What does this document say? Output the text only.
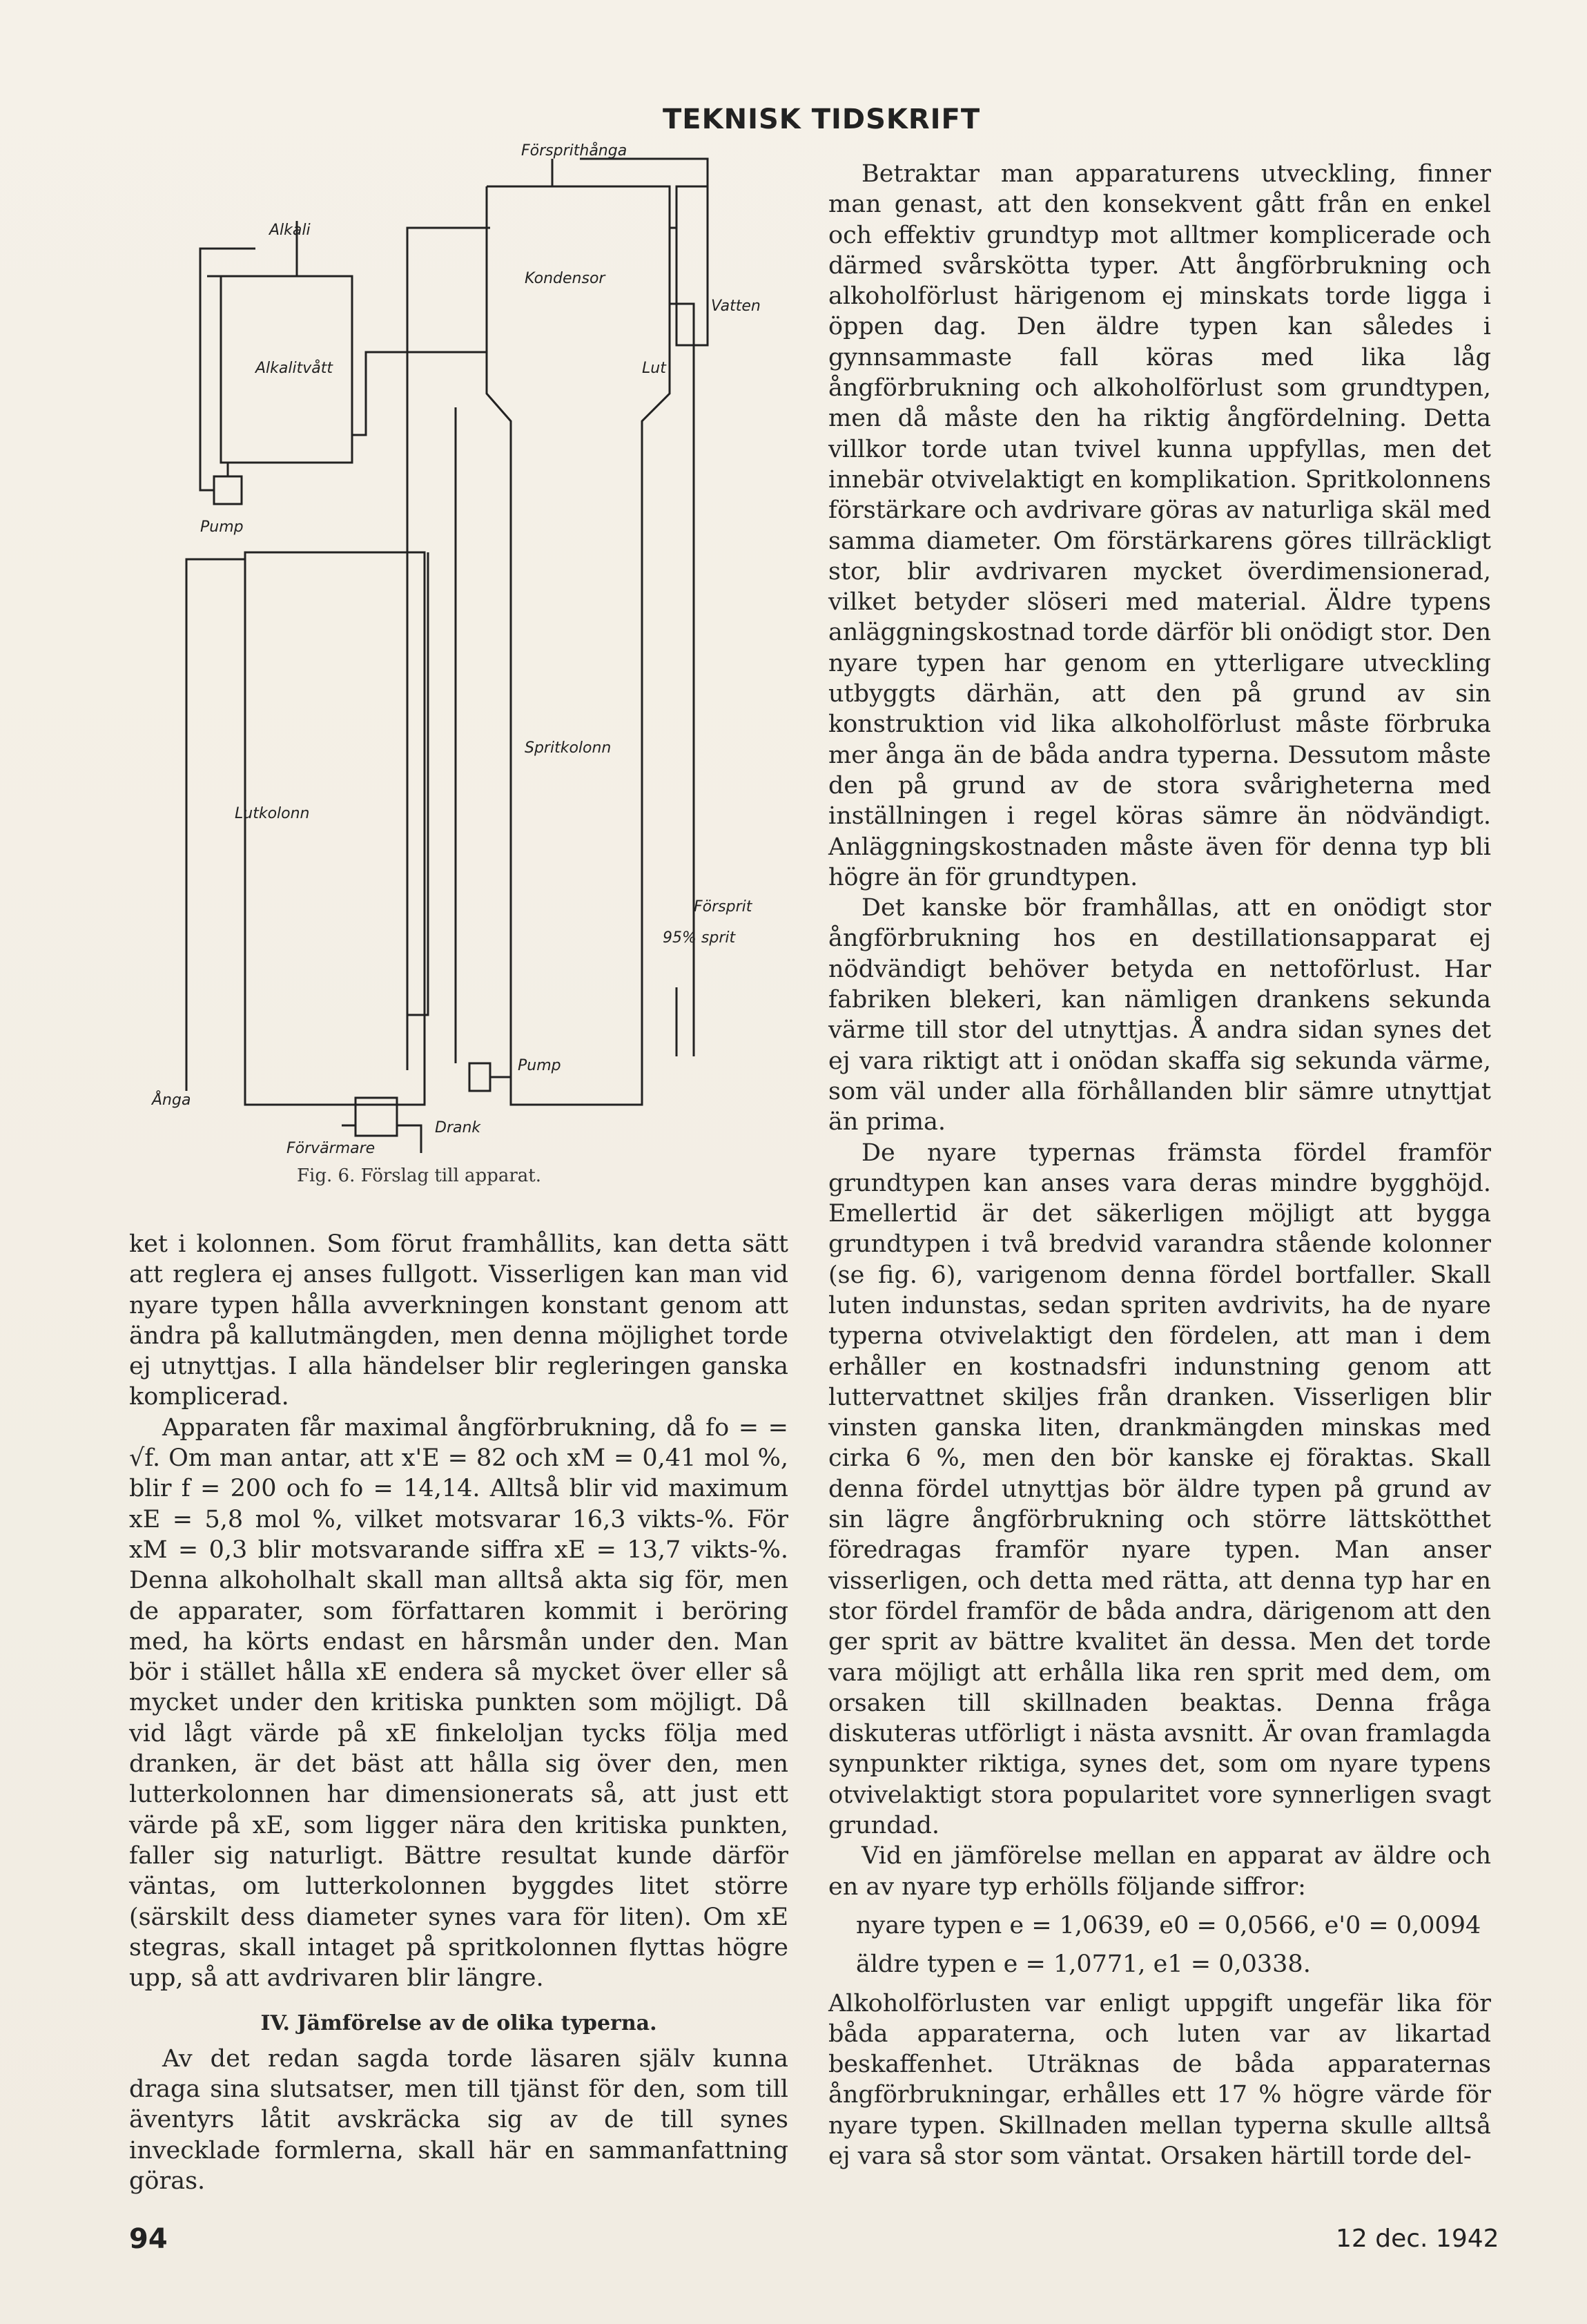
TEKNISK TIDSKRIFT
Försprithånga
Alkali
Kondensor
Vatten
Alkalitvått	Lut
Pump
Spritkolonn
Lutkolonn
Försprit
95% sprit
Pump
Ånga
Drank
Förvärmare
Fig. 6. Förslag till apparat.

ket i kolonnen. Som förut framhållits, kan detta sätt att reglera ej anses fullgott. Visserligen kan man vid nyare typen hålla avverkningen konstant genom att ändra på kallutmängden, men denna möjlighet torde ej utnyttjas. I alla händelser blir regleringen ganska komplicerad.

Apparaten får maximal ångförbrukning, då fo = = √f. Om man antar, att x'E = 82 och xM = 0,41 mol %, blir f = 200 och fo = 14,14. Alltså blir vid maximum xE = 5,8 mol %, vilket motsvarar 16,3 vikts-%. För xM = 0,3 blir motsvarande siffra xE = 13,7 vikts-%. Denna alkoholhalt skall man alltså akta sig för, men de apparater, som författaren kommit i beröring med, ha körts endast en hårsmån under den. Man bör i stället hålla xE endera så mycket över eller så mycket under den kritiska punkten som möjligt. Då vid lågt värde på xE finkeloljan tycks följa med dranken, är det bäst att hålla sig över den, men lutterkolonnen har dimensionerats så, att just ett värde på xE, som ligger nära den kritiska punkten, faller sig naturligt. Bättre resultat kunde därför väntas, om lutterkolonnen byggdes litet större (särskilt dess diameter synes vara för liten). Om xE stegras, skall intaget på spritkolonnen flyttas högre upp, så att avdrivaren blir längre.

IV. Jämförelse av de olika typerna.

Av det redan sagda torde läsaren själv kunna draga sina slutsatser, men till tjänst för den, som till äventyrs låtit avskräcka sig av de till synes invecklade formlerna, skall här en sammanfattning göras.

Betraktar man apparaturens utveckling, finner man genast, att den konsekvent gått från en enkel och effektiv grundtyp mot alltmer komplicerade och därmed svårskötta typer. Att ångförbrukning och alkoholförlust härigenom ej minskats torde ligga i öppen dag. Den äldre typen kan således i gynnsammaste fall köras med lika låg ångförbrukning och alkoholförlust som grundtypen, men då måste den ha riktig ångfördelning. Detta villkor torde utan tvivel kunna uppfyllas, men det innebär otvivelaktigt en komplikation. Spritkolonnens förstärkare och avdrivare göras av naturliga skäl med samma diameter. Om förstärkarens göres tillräckligt stor, blir avdrivaren mycket överdimensionerad, vilket betyder slöseri med material. Äldre typens anläggningskostnad torde därför bli onödigt stor. Den nyare typen har genom en ytterligare utveckling utbyggts därhän, att den på grund av sin konstruktion vid lika alkoholförlust måste förbruka mer ånga än de båda andra typerna. Dessutom måste den på grund av de stora svårigheterna med inställningen i regel köras sämre än nödvändigt. Anläggningskostnaden måste även för denna typ bli högre än för grundtypen.

Det kanske bör framhållas, att en onödigt stor ångförbrukning hos en destillationsapparat ej nödvändigt behöver betyda en nettoförlust. Har fabriken blekeri, kan nämligen drankens sekunda värme till stor del utnyttjas. Å andra sidan synes det ej vara riktigt att i onödan skaffa sig sekunda värme, som väl under alla förhållanden blir sämre utnyttjat än prima.

De nyare typernas främsta fördel framför grundtypen kan anses vara deras mindre bygghöjd. Emellertid är det säkerligen möjligt att bygga grundtypen i två bredvid varandra stående kolonner (se fig. 6), varigenom denna fördel bortfaller. Skall luten indunstas, sedan spriten avdrivits, ha de nyare typerna otvivelaktigt den fördelen, att man i dem erhåller en kostnadsfri indunstning genom att luttervattnet skiljes från dranken. Visserligen blir vinsten ganska liten, drankmängden minskas med cirka 6 %, men den bör kanske ej föraktas. Skall denna fördel utnyttjas bör äldre typen på grund av sin lägre ångförbrukning och större lättskötthet föredragas framför nyare typen. Man anser visserligen, och detta med rätta, att denna typ har en stor fördel framför de båda andra, därigenom att den ger sprit av bättre kvalitet än dessa. Men det torde vara möjligt att erhålla lika ren sprit med dem, om orsaken till skillnaden beaktas. Denna fråga diskuteras utförligt i nästa avsnitt. Är ovan framlagda synpunkter riktiga, synes det, som om nyare typens otvivelaktigt stora popularitet vore synnerligen svagt grundad.

Vid en jämförelse mellan en apparat av äldre och en av nyare typ erhölls följande siffror:

nyare typen e = 1,0639, e0 = 0,0566, e'0 = 0,0094
äldre typen e = 1,0771, e1 = 0,0338.

Alkoholförlusten var enligt uppgift ungefär lika för båda apparaterna, och luten var av likartad beskaffenhet. Uträknas de båda apparaternas ångförbrukningar, erhålles ett 17 % högre värde för nyare typen. Skillnaden mellan typerna skulle alltså ej vara så stor som väntat. Orsaken härtill torde del-

94	12 dec. 1942
